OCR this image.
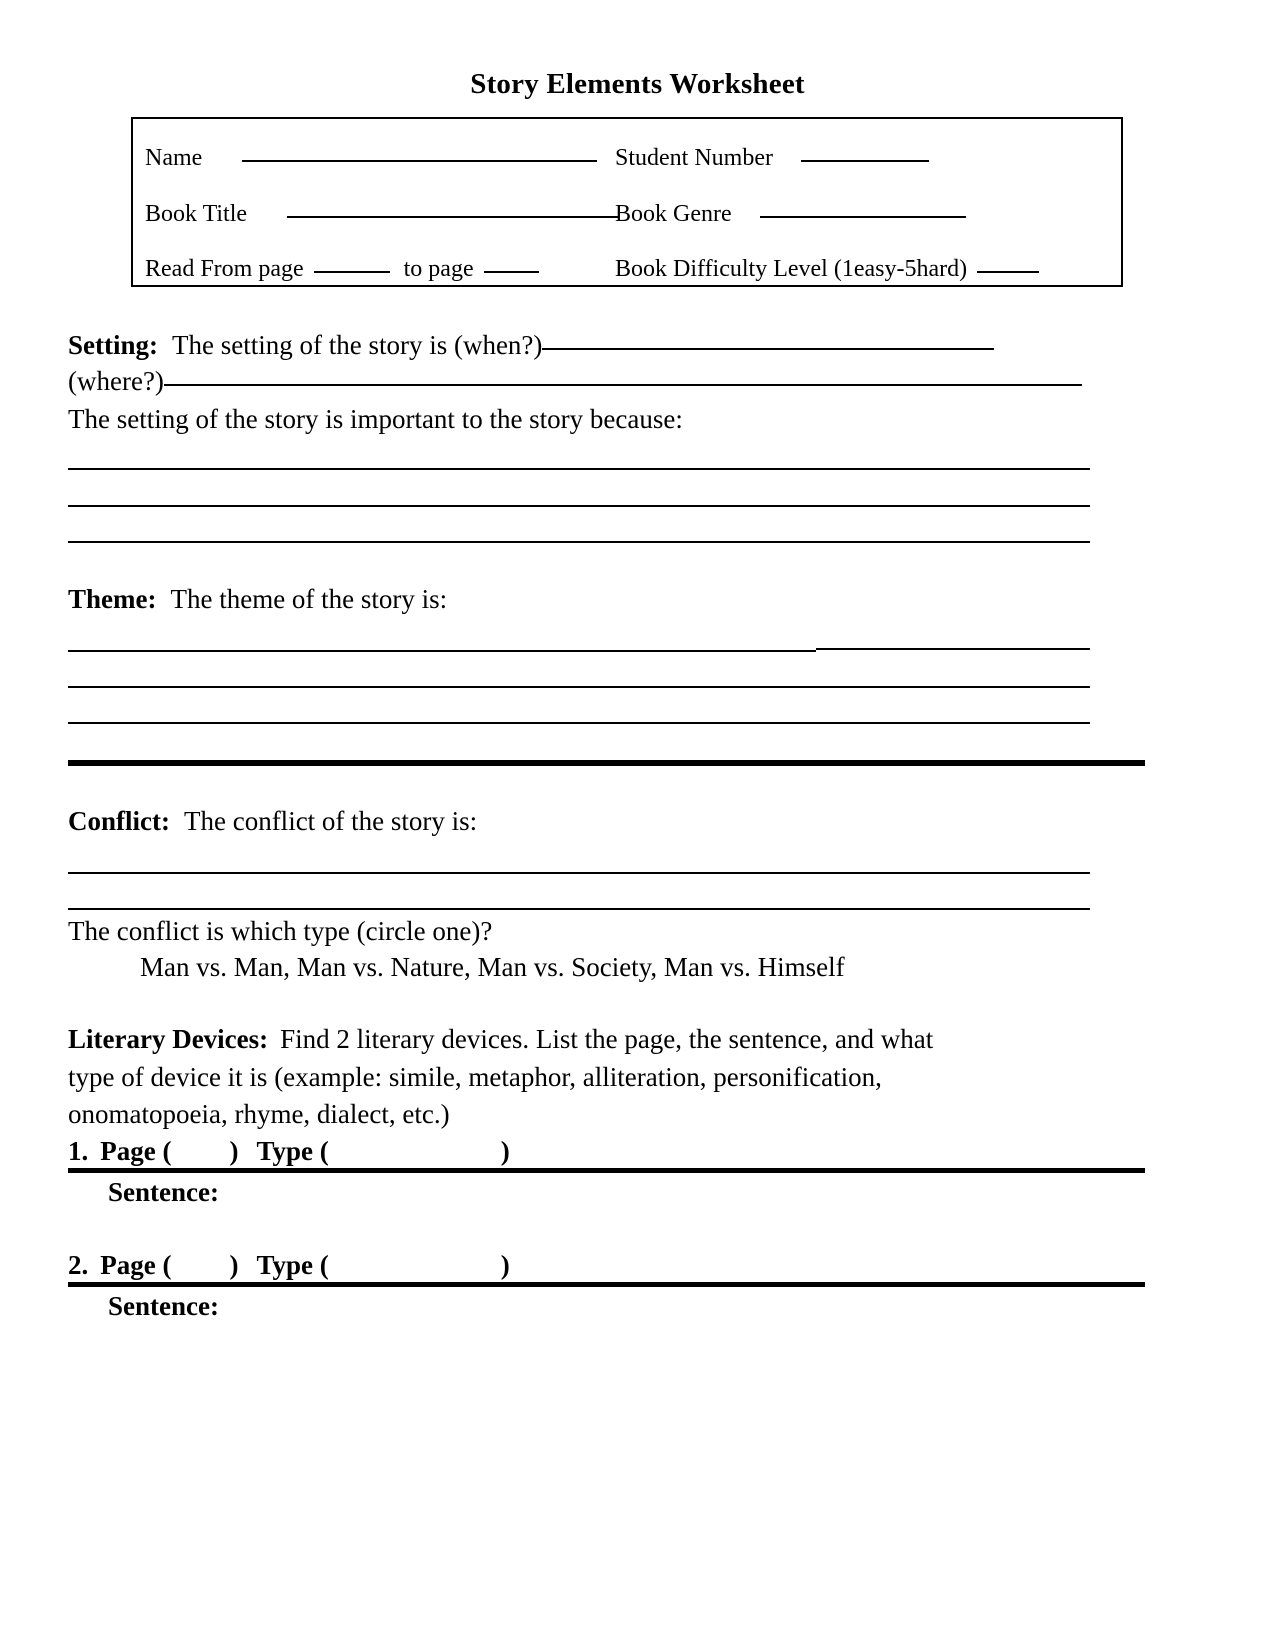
Story Elements Worksheet
Name	Student Number
Book Title	Book Genre
Read From page	to page	Book Difficulty Level (1easy-5hard)
Setting: The setting of the story is (when?)
(where?)
The setting of the story is important to the story because:
Theme: The theme of the story is:
Conflict: The conflict of the story is:
The conflict is which type (circle one)?
Man vs. Man, Man vs. Nature, Man vs. Society, Man vs. Himself
Literary Devices: Find 2 literary devices. List the page, the sentence, and what
type of device it is (example: simile, metaphor, alliteration, personification,
onomatopoeia, rhyme, dialect, etc.)
1. Page ( ) Type (	)
Sentence:
2. Page ( ) Type (	)
Sentence:
